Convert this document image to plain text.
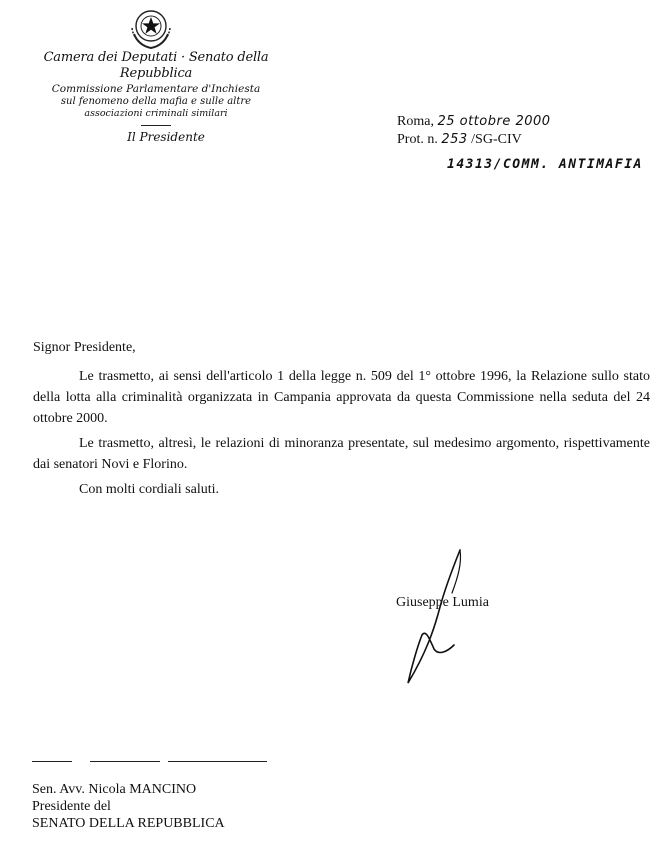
Camera dei Deputati · Senato della Repubblica
Commissione Parlamentare d'Inchiesta
sul fenomeno della mafia e sulle altre
associazioni criminali similari
Il Presidente
Roma, 25 ottobre 2000
Prot. n. 253 /SG-CIV
14313/COMM. ANTIMAFIA
Signor Presidente,

Le trasmetto, ai sensi dell'articolo 1 della legge n. 509 del 1° ottobre 1996, la Relazione sullo stato della lotta alla criminalità organizzata in Campania approvata da questa Commissione nella seduta del 24 ottobre 2000.

Le trasmetto, altresì, le relazioni di minoranza presentate, sul medesimo argomento, rispettivamente dai senatori Novi e Florino.

Con molti cordiali saluti.

Giuseppe Lumia
Sen. Avv. Nicola MANCINO
Presidente del
SENATO DELLA REPUBBLICA
